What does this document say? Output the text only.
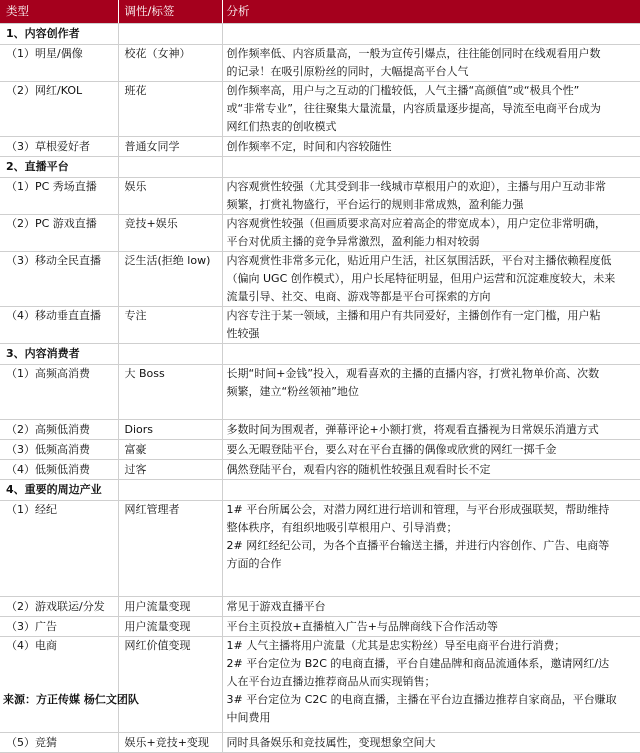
类型	调性/标签	分析
1、内容创作者		
（1）明星/偶像	校花（女神）	创作频率低、内容质量高，一般为宣传引爆点，往往能创同时在线观看用户数
的记录！在吸引原粉丝的同时，大幅提高平台人气

（2）网红/KOL	班花	创作频率高，用户与之互动的门槛较低，人气主播“高颜值”或“极具个性”
或“非常专业”，往往聚集大量流量，内容质量逐步提高，导流至电商平台成为
网红们热衷的创收模式

（3）草根爱好者	普通女同学	创作频率不定，时间和内容较随性

2、直播平台		
（1）PC 秀场直播	娱乐	内容观赏性较强（尤其受到非一线城市草根用户的欢迎），主播与用户互动非常
频繁，打赏礼物盛行，平台运行的规则非常成熟，盈利能力强

（2）PC 游戏直播	竞技+娱乐	内容观赏性较强（但画质要求高对应着高企的带宽成本），用户定位非常明确，
平台对优质主播的竞争异常激烈，盈利能力相对较弱

（3）移动全民直播	泛生活(拒绝 low)	内容观赏性非常多元化，贴近用户生活，社区氛围活跃，平台对主播依赖程度低
（偏向 UGC 创作模式），用户长尾特征明显，但用户运营和沉淀难度较大，未来
流量引导、社交、电商、游戏等都是平台可探索的方向

（4）移动垂直直播	专注	内容专注于某一领域，主播和用户有共同爱好，主播创作有一定门槛，用户粘
性较强

3、内容消费者		
（1）高频高消费	大 Boss	长期“时间+金钱”投入，观看喜欢的主播的直播内容，打赏礼物单价高、次数
频繁，建立“粉丝领袖”地位

（2）高频低消费	Diors	多数时间为围观者，弹幕评论+小额打赏，将观看直播视为日常娱乐消遣方式

（3）低频高消费	富豪	要么无暇登陆平台，要么对在平台直播的偶像或欣赏的网红一掷千金

（4）低频低消费	过客	偶然登陆平台，观看内容的随机性较强且观看时长不定

4、重要的周边产业		
（1）经纪	网红管理者	1# 平台所属公会，对潜力网红进行培训和管理，与平台形成强联契，帮助维持
整体秩序，有组织地吸引草根用户、引导消费；
2# 网红经纪公司，为各个直播平台输送主播，并进行内容创作、广告、电商等
方面的合作

（2）游戏联运/分发	用户流量变现	常见于游戏直播平台

（3）广告	用户流量变现	平台主页投放+直播植入广告+与品牌商线下合作活动等

（4）电商	网红价值变现	1# 人气主播将用户流量（尤其是忠实粉丝）导至电商平台进行消费；
2# 平台定位为 B2C 的电商直播，平台自建品牌和商品流通体系，邀请网红/达
人在平台边直播边推荐商品从而实现销售；
3# 平台定位为 C2C 的电商直播，主播在平台边直播边推荐自家商品，平台赚取
中间费用

（5）竞猜	娱乐+竞技+变现	同时具备娱乐和竞技属性，变现想象空间大
来源：方正传媒 杨仁文团队
